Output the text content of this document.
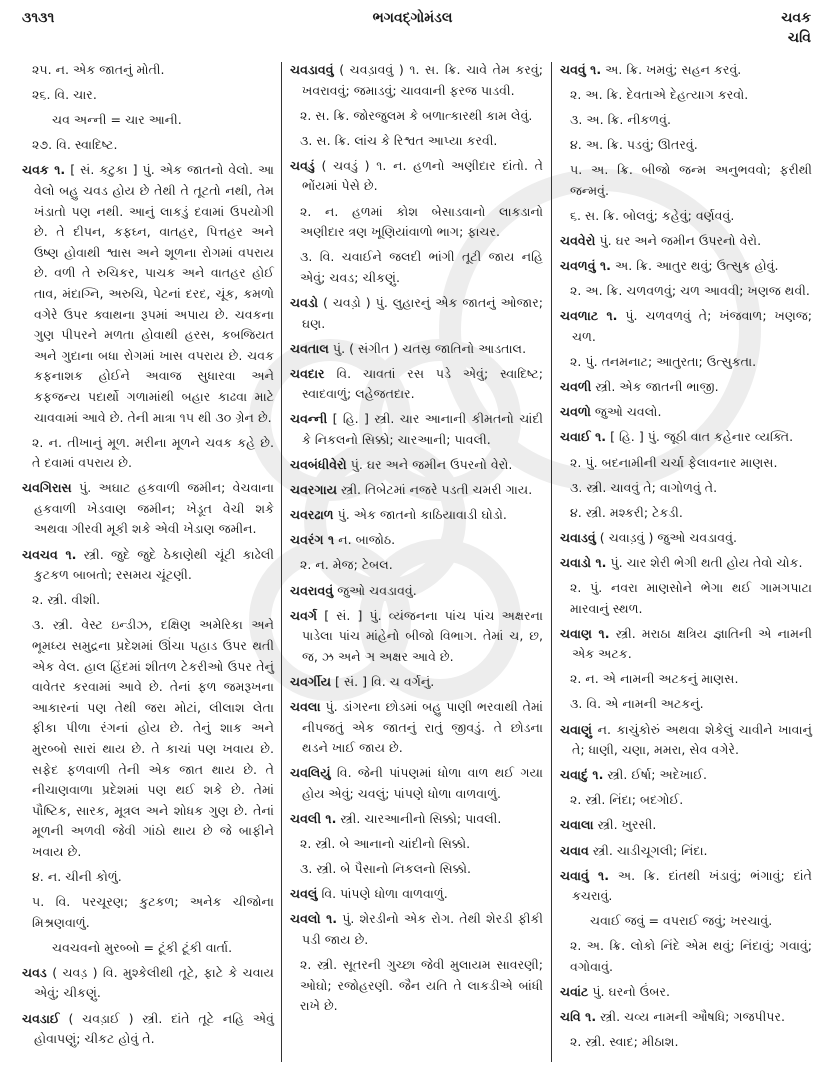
૩૧૩૧	ભગવદ્ગોમંડલ	ચવક
ચવિ

૨૫. ન. એક જાતનું મોતી.

૨૬. વિ. ચાર.

ચવ અન્ની = ચાર આની.

૨૭. વિ. સ્વાદિષ્ટ.

ચવક ૧. [ સં. કટુકા ] પું. એક જાતનો વેલો. આ વેલો બહુ ચવડ હોય છે તેથી તે તૂટતો નથી, તેમ ખંડાતો પણ નથી. આનું લાકડું દવામાં ઉપયોગી છે. તે દીપન, કફઘ્ન, વાતહર, પિત્તહર અને ઉષ્ણ હોવાથી શ્વાસ અને શૂળના રોગમાં વપરાય છે. વળી તે રુચિકર, પાચક અને વાતહર હોઈ તાવ, મંદાગ્નિ, અરુચિ, પેટનાં દરદ, ચૂંક, કમળો વગેરે ઉપર ક્વાથના રૂપમાં અપાય છે. ચવકના ગુણ પીપરને મળતા હોવાથી હરસ, કબજિયત અને ગુદાના બધા રોગમાં ખાસ વપરાય છે. ચવક કફનાશક હોઈને અવાજ સુધારવા અને કફજન્ય પદાર્થો ગળામાંથી બહાર કાઢવા માટે ચાવવામાં આવે છે. તેની માત્રા ૧૫ થી ૩૦ ગ્રેન છે.

૨. ન. તીખાનું મૂળ. મરીના મૂળને ચવક કહે છે. તે દવામાં વપરાય છે.

ચવગિરાસ પું. અઘાટ હકવાળી જમીન; વેચવાના હકવાળી ખેડવાણ જમીન; ખેડૂત વેચી શકે અથવા ગીરવી મૂકી શકે એવી ખેડાણ જમીન.

ચવચવ ૧. સ્ત્રી. જુદે જુદે ઠેકાણેથી ચૂંટી કાઢેલી કુટકળ બાબતો; રસમય ચૂંટણી.

૨. સ્ત્રી. વીશી.

૩. સ્ત્રી. વેસ્ટ ઇન્ડીઝ, દક્ષિણ અમેરિકા અને ભૂમધ્ય સમુદ્રના પ્રદેશમાં ઊંચા પહાડ ઉપર થતી એક વેલ. હાલ હિંદમાં શીતળ ટેકરીઓ ઉપર તેનું વાવેતર કરવામાં આવે છે. તેનાં ફળ જમરૂખના આકારનાં પણ તેથી જરા મોટાં, લીલાશ લેતા ફીકા પીળા રંગનાં હોય છે. તેનું શાક અને મુરબ્બો સારાં થાય છે. તે કાચાં પણ ખવાય છે. સફેદ ફળવાળી તેની એક જાત થાય છે. તે નીચાણવાળા પ્રદેશમાં પણ થઈ શકે છે. તેમાં પૌષ્ટિક, સારક, મૂત્રલ અને શોધક ગુણ છે. તેનાં મૂળની અળવી જેવી ગાંઠો થાય છે જે બાફીને ખવાય છે.

૪. ન. ચીની કોળું.

૫. વિ. પરચૂરણ; કુટકળ; અનેક ચીજોના મિશ્રણવાળું.

ચવચવનો મુરબ્બો = ટૂંકી ટૂંકી વાર્તા.

ચવડ ( ચવડ઼ ) વિ. મુશ્કેલીથી તૂટે, ફાટે કે ચવાય એવું; ચીકણું.

ચવડાઈ ( ચવડ઼ાઈ ) સ્ત્રી. દાંતે તૂટે નહિ એવું હોવાપણું; ચીકટ હોવું તે.

ચવડાવવું ( ચવડ઼ાવવું ) ૧. સ. ક્રિ. ચાવે તેમ કરવું; ખવરાવવું; જમાડવું; ચાવવાની ફરજ પાડવી.

૨. સ. ક્રિ. જોરજુલમ કે બળાત્કારથી કામ લેવું.

૩. સ. ક્રિ. લાંચ કે રિશ્વત આપ્યા કરવી.

ચવડું ( ચવડું ) ૧. ન. હળનો અણીદાર દાંતો. તે ભોંયમાં પેસે છે.

૨. ન. હળમાં કોશ બેસાડવાનો લાકડાનો અણીદાર ત્રણ ખૂણિયાંવાળો ભાગ; ફાચર.

૩. વિ. ચવાઈને જલદી ભાંગી તૂટી જાય નહિ એવું; ચવડ; ચીકણું.

ચવડો ( ચવડ઼ો ) પું. લુહારનું એક જાતનું ઓજાર; ઘણ.

ચવતાલ પું. ( સંગીત ) ચતસ્ર જાતિનો આડતાલ.

ચવદાર વિ. ચાવતાં રસ પડે એવું; સ્વાદિષ્ટ; સ્વાદવાળું; લહેજતદાર.

ચવન્ની [ હિ. ] સ્ત્રી. ચાર આનાની કીમતનો ચાંદી કે નિકલનો સિક્કો; ચારઆની; પાવલી.

ચવબંધીવેરો પું. ઘર અને જમીન ઉપરનો વેરો.

ચવરગાય સ્ત્રી. તિબેટમાં નજરે પડતી ચમરી ગાય.

ચવરઢાળ પું. એક જાતનો કાઠિયાવાડી ઘોડો.

ચવરંગ ૧ ન. બાજોઠ.

૨. ન. મેજ; ટેબલ.

ચવરાવવું જુઓ ચવડાવવું.

ચવર્ગ [ સં. ] પું. વ્યંજનના પાંચ પાંચ અક્ષરના પાડેલા પાંચ માંહેનો બીજો વિભાગ. તેમાં ચ, છ, જ, ઝ અને ઞ અક્ષર આવે છે.

ચવર્ગીય [ સં. ] વિ. ચ વર્ગનું.

ચવલા પું. ડાંગરના છોડમાં બહુ પાણી ભરવાથી તેમાં નીપજતું એક જાતનું રાતું જીવડું. તે છોડના થડને ખાઈ જાય છે.

ચવલિયું વિ. જેની પાંપણમાં ધોળા વાળ થઈ ગયા હોય એવું; ચવલું; પાંપણે ધોળા વાળવાળું.

ચવલી ૧. સ્ત્રી. ચારઆનીનો સિક્કો; પાવલી.

૨. સ્ત્રી. બે આનાનો ચાંદીનો સિક્કો.

૩. સ્ત્રી. બે પૈસાનો નિકલનો સિક્કો.

ચવલું વિ. પાંપણે ધોળા વાળવાળું.

ચવલો ૧. પું. શેરડીનો એક રોગ. તેથી શેરડી ફીકી પડી જાય છે.

૨. સ્ત્રી. સૂતરની ગુચ્છા જેવી મુલાયમ સાવરણી; ઓઘો; રજોહરણી. જૈન યતિ તે લાકડીએ બાંધી રાખે છે.

ચવવું ૧. અ. ક્રિ. ખમવું; સહન કરવું.

૨. અ. ક્રિ. દેવતાએ દેહત્યાગ કરવો.

૩. અ. ક્રિ. નીકળવું.

૪. અ. ક્રિ. પડવું; ઊતરવું.

૫. અ. ક્રિ. બીજો જન્મ અનુભવવો; ફરીથી જન્મવું.

૬. સ. ક્રિ. બોલવું; કહેવું; વર્ણવવું.

ચવવેરો પું. ઘર અને જમીન ઉપરનો વેરો.

ચવળવું ૧. અ. ક્રિ. આતુર થવું; ઉત્સુક હોવું.

૨. અ. ક્રિ. ચળવળવું; ચળ આવવી; ખણજ થવી.

ચવળાટ ૧. પું. ચળવળવું તે; ખંજવાળ; ખણજ; ચળ.

૨. પું. તનમનાટ; આતુરતા; ઉત્સુકતા.

ચવળી સ્ત્રી. એક જાતની ભાજી.

ચવળો જુઓ ચવલો.

ચવાઈ ૧. [ હિ. ] પું. જૂઠી વાત કહેનાર વ્યક્તિ.

૨. પું. બદનામીની ચર્ચા ફેલાવનાર માણસ.

૩. સ્ત્રી. ચાવવું તે; વાગોળવું તે.

૪. સ્ત્રી. મશ્કરી; ટેકડી.

ચવાડવું ( ચવાડ઼વું ) જુઓ ચવડાવવું.

ચવાડો ૧. પું. ચાર શેરી ભેગી થતી હોય તેવો ચોક.

૨. પું. નવરા માણસોને ભેગા થઈ ગામગપાટા મારવાનું સ્થળ.

ચવાણ ૧. સ્ત્રી. મરાઠા ક્ષત્રિય જ્ઞાતિની એ નામની એક અટક.

૨. ન. એ નામની અટકનું માણસ.

૩. વિ. એ નામની અટકનું.

ચવાણું ન. કાચુંકોરું અથવા શેકેલું ચાવીને ખાવાનું તે; ધાણી, ચણા, મમરા, સેવ વગેરે.

ચવાદું ૧. સ્ત્રી. ઈર્ષા; અદેખાઈ.

૨. સ્ત્રી. નિંદા; બદગોઈ.

ચવાલા સ્ત્રી. ખુરસી.

ચવાવ સ્ત્રી. ચાડીચૂગલી; નિંદા.

ચવાવું ૧. અ. ક્રિ. દાંતથી ખંડાવું; ભંગાવું; દાંતે કચરાવું.

ચવાઈ જવું = વપરાઈ જવું; ખરચાવું.

૨. અ. ક્રિ. લોકો નિંદે એમ થવું; નિંદાવું; ગવાવું; વગોવાવું.

ચવાંટ પું. ઘરનો ઉંબર.

ચવિ ૧. સ્ત્રી. ચવ્ય નામની ઔષધિ; ગજપીપર.

૨. સ્ત્રી. સ્વાદ; મીઠાશ.
